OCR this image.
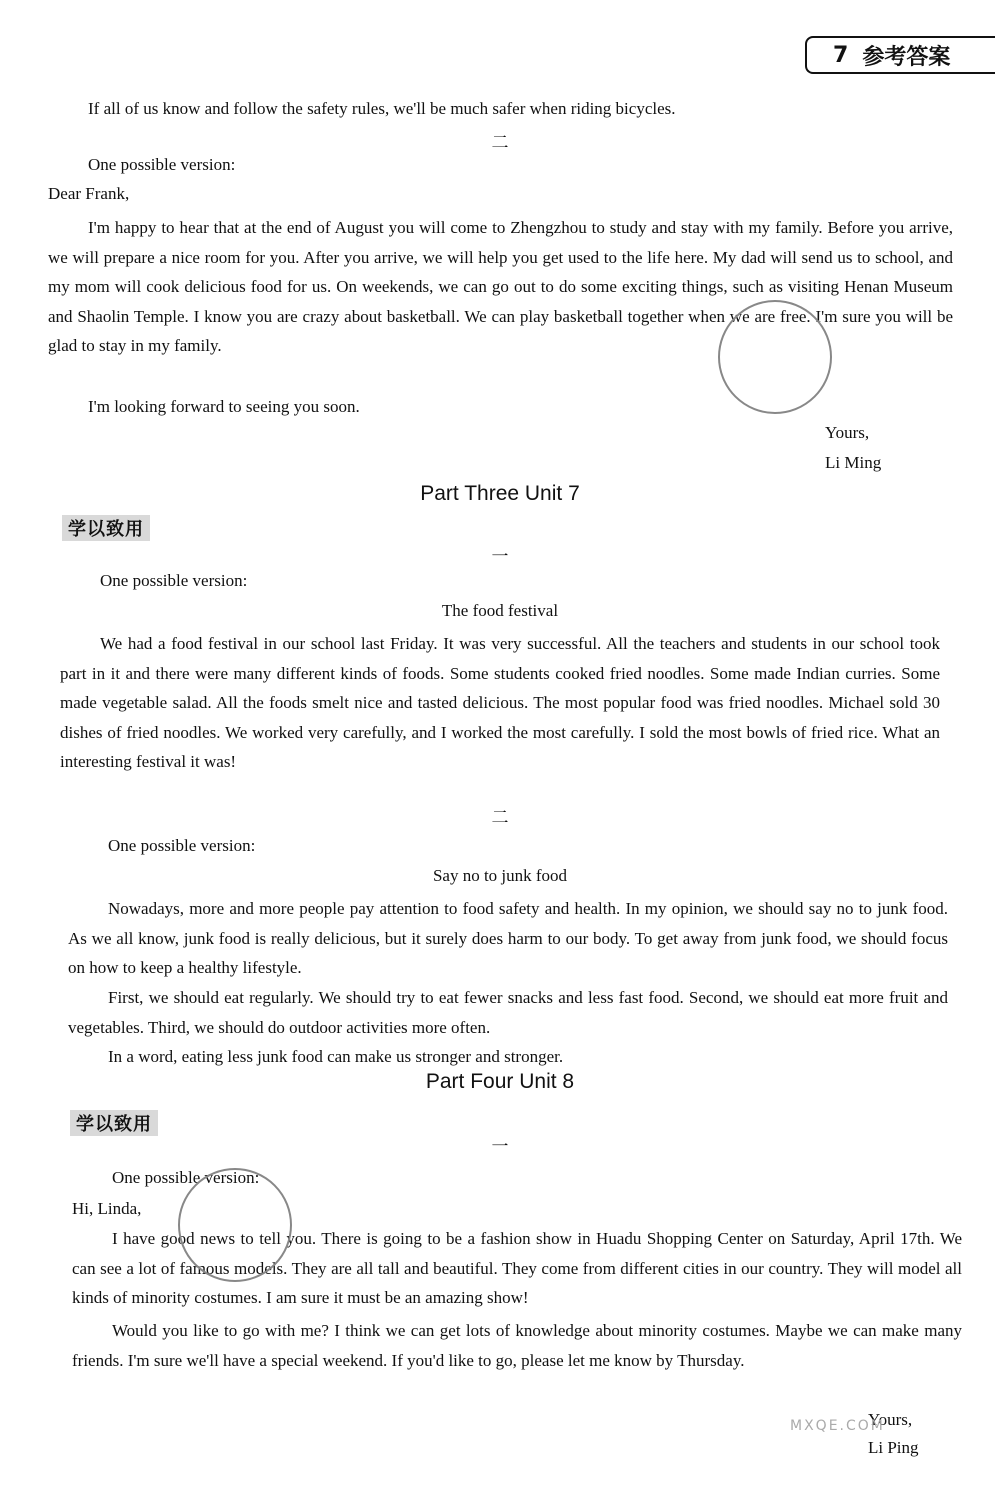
7 参考答案

If all of us know and follow the safety rules, we'll be much safer when riding bicycles.

二

One possible version:

Dear Frank,

I'm happy to hear that at the end of August you will come to Zhengzhou to study and stay with my family. Before you arrive, we will prepare a nice room for you. After you arrive, we will help you get used to the life here. My dad will send us to school, and my mom will cook delicious food for us. On weekends, we can go out to do some exciting things, such as visiting Henan Museum and Shaolin Temple. I know you are crazy about basketball. We can play basketball together when we are free. I'm sure you will be glad to stay in my family.

I'm looking forward to seeing you soon.

Yours,

Li Ming

Part Three Unit 7

学以致用

一

One possible version:

The food festival

We had a food festival in our school last Friday. It was very successful. All the teachers and students in our school took part in it and there were many different kinds of foods. Some students cooked fried noodles. Some made Indian curries. Some made vegetable salad. All the foods smelt nice and tasted delicious. The most popular food was fried noodles. Michael sold 30 dishes of fried noodles. We worked very carefully, and I worked the most carefully. I sold the most bowls of fried rice. What an interesting festival it was!

二

One possible version:

Say no to junk food

Nowadays, more and more people pay attention to food safety and health. In my opinion, we should say no to junk food. As we all know, junk food is really delicious, but it surely does harm to our body. To get away from junk food, we should focus on how to keep a healthy lifestyle.

First, we should eat regularly. We should try to eat fewer snacks and less fast food. Second, we should eat more fruit and vegetables. Third, we should do outdoor activities more often.

In a word, eating less junk food can make us stronger and stronger.

Part Four Unit 8

学以致用

一

One possible version:

Hi, Linda,

I have good news to tell you. There is going to be a fashion show in Huadu Shopping Center on Saturday, April 17th. We can see a lot of famous models. They are all tall and beautiful. They come from different cities in our country. They will model all kinds of minority costumes. I am sure it must be an amazing show!

Would you like to go with me? I think we can get lots of knowledge about minority costumes. Maybe we can make many friends. I'm sure we'll have a special weekend. If you'd like to go, please let me know by Thursday.

Yours,

Li Ping

MXQE.COM
